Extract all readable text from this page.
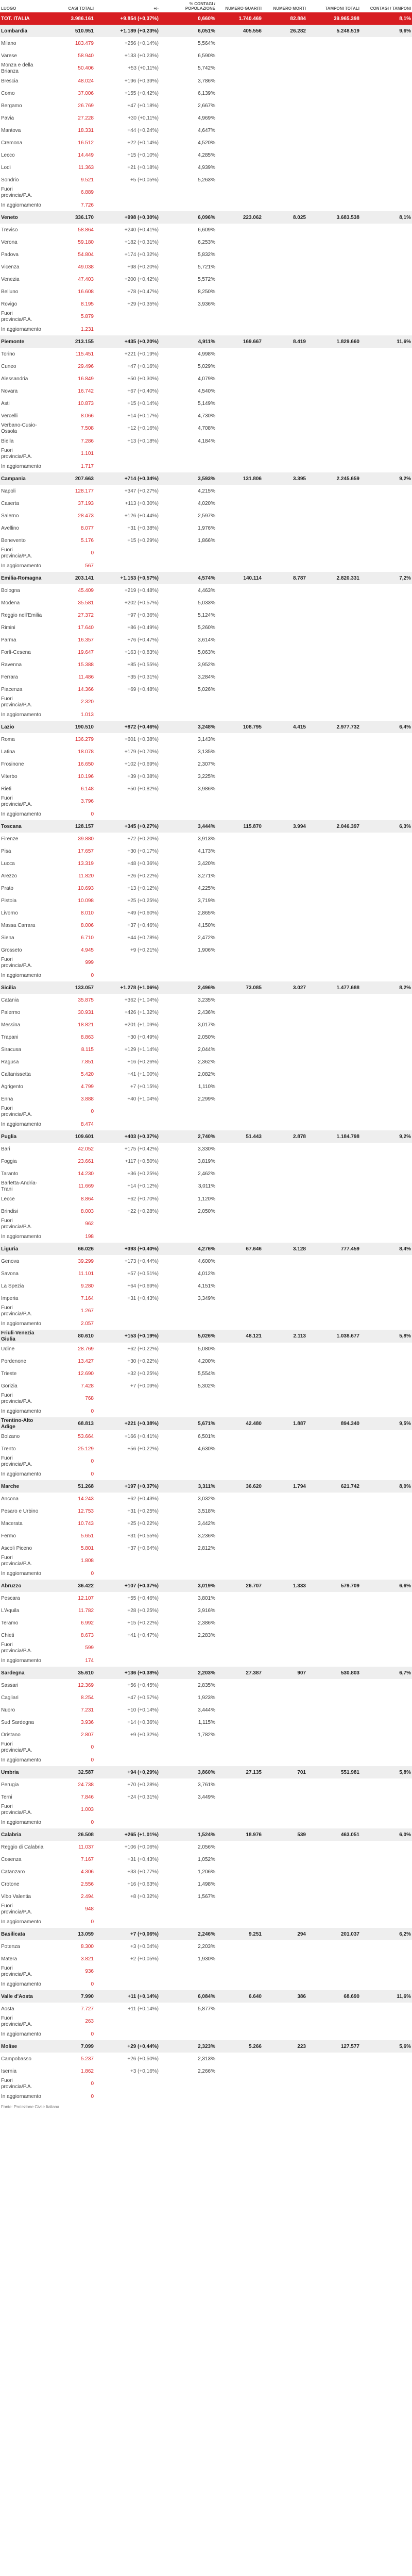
LUOGO	CASI TOTALI	+/-	% CONTAGI / POPOLAZIONE	NUMERO GUARITI	NUMERO MORTI	TAMPONI TOTALI	CONTAGI / TAMPONI
TOT. ITALIA	3.986.161	+9.854 (+0,37%)	0,660%	1.740.469	82.884	39.965.398	8,1%
Lombardia	510.951	+1.189 (+0,23%)	6,051%	405.556	26.282	5.248.519	9,6%
Milano	183.479	+256 (+0,14%)	5,564%				
Varese	58.940	+133 (+0,23%)	6,590%				
Monza e della Brianza	50.406	+53 (+0,11%)	5,742%				
Brescia	48.024	+196 (+0,39%)	3,786%				
Como	37.006	+155 (+0,42%)	6,139%				
Bergamo	26.769	+47 (+0,18%)	2,667%				
Pavia	27.228	+30 (+0,11%)	4,969%				
Mantova	18.331	+44 (+0,24%)	4,647%				
Cremona	16.512	+22 (+0,14%)	4,520%				
Lecco	14.449	+15 (+0,10%)	4,285%				
Lodi	11.363	+21 (+0,18%)	4,939%				
Sondrio	9.521	+5 (+0,05%)	5,263%				
Fuori provincia/P.A.	6.889						
In aggiornamento	7.726						
Veneto	336.170	+998 (+0,30%)	6,096%	223.062	8.025	3.683.538	8,1%
Treviso	58.864	+240 (+0,41%)	6,609%				
Verona	59.180	+182 (+0,31%)	6,253%				
Padova	54.804	+174 (+0,32%)	5,832%				
Vicenza	49.038	+98 (+0,20%)	5,721%				
Venezia	47.403	+200 (+0,42%)	5,572%				
Belluno	16.608	+78 (+0,47%)	8,250%				
Rovigo	8.195	+29 (+0,35%)	3,936%				
Fuori provincia/P.A.	5.879						
In aggiornamento	1.231						
Piemonte	213.155	+435 (+0,20%)	4,911%	169.667	8.419	1.829.660	11,6%
Torino	115.451	+221 (+0,19%)	4,998%				
Cuneo	29.496	+47 (+0,16%)	5,029%				
Alessandria	16.849	+50 (+0,30%)	4,079%				
Novara	16.742	+67 (+0,40%)	4,540%				
Asti	10.873	+15 (+0,14%)	5,149%				
Vercelli	8.066	+14 (+0,17%)	4,730%				
Verbano-Cusio-Ossola	7.508	+12 (+0,16%)	4,708%				
Biella	7.286	+13 (+0,18%)	4,184%				
Fuori provincia/P.A.	1.101						
In aggiornamento	1.717						
Campania	207.663	+714 (+0,34%)	3,593%	131.806	3.395	2.245.659	9,2%
Napoli	128.177	+347 (+0,27%)	4,215%				
Caserta	37.193	+113 (+0,30%)	4,020%				
Salerno	28.473	+126 (+0,44%)	2,597%				
Avellino	8.077	+31 (+0,38%)	1,976%				
Benevento	5.176	+15 (+0,29%)	1,866%				
Fuori provincia/P.A.	0						
In aggiornamento	567						
Emilia-Romagna	203.141	+1.153 (+0,57%)	4,574%	140.114	8.787	2.820.331	7,2%
Bologna	45.409	+219 (+0,48%)	4,463%				
Modena	35.581	+202 (+0,57%)	5,033%				
Reggio nell'Emilia	27.372	+97 (+0,36%)	5,124%				
Rimini	17.640	+86 (+0,49%)	5,260%				
Parma	16.357	+76 (+0,47%)	3,614%				
Forlì-Cesena	19.647	+163 (+0,83%)	5,063%				
Ravenna	15.388	+85 (+0,55%)	3,952%				
Ferrara	11.486	+35 (+0,31%)	3,284%				
Piacenza	14.366	+69 (+0,48%)	5,026%				
Fuori provincia/P.A.	2.320						
In aggiornamento	1.013						
Lazio	190.510	+872 (+0,46%)	3,248%	108.795	4.415	2.977.732	6,4%
Roma	136.279	+601 (+0,38%)	3,143%				
Latina	18.078	+179 (+0,70%)	3,135%				
Frosinone	16.650	+102 (+0,69%)	2,307%				
Viterbo	10.196	+39 (+0,38%)	3,225%				
Rieti	6.148	+50 (+0,82%)	3,986%				
Fuori provincia/P.A.	3.796						
In aggiornamento	0						
Toscana	128.157	+345 (+0,27%)	3,444%	115.870	3.994	2.046.397	6,3%
Firenze	39.880	+72 (+0,20%)	3,913%				
Pisa	17.657	+30 (+0,17%)	4,173%				
Lucca	13.319	+48 (+0,36%)	3,420%				
Arezzo	11.820	+26 (+0,22%)	3,271%				
Prato	10.693	+13 (+0,12%)	4,225%				
Pistoia	10.098	+25 (+0,25%)	3,719%				
Livorno	8.010	+49 (+0,60%)	2,865%				
Massa Carrara	8.006	+37 (+0,46%)	4,150%				
Siena	6.710	+44 (+0,78%)	2,472%				
Grosseto	4.945	+9 (+0,21%)	1,906%				
Fuori provincia/P.A.	999						
In aggiornamento	0						
Sicilia	133.057	+1.278 (+1,06%)	2,496%	73.085	3.027	1.477.688	8,2%
Catania	35.875	+362 (+1,04%)	3,235%				
Palermo	30.931	+426 (+1,32%)	2,436%				
Messina	18.821	+201 (+1,09%)	3,017%				
Trapani	8.863	+30 (+0,49%)	2,050%				
Siracusa	8.115	+129 (+1,14%)	2,044%				
Ragusa	7.851	+16 (+0,26%)	2,362%				
Caltanissetta	5.420	+41 (+1,00%)	2,082%				
Agrigento	4.799	+7 (+0,15%)	1,110%				
Enna	3.888	+40 (+1,04%)	2,299%				
Fuori provincia/P.A.	0						
In aggiornamento	8.474						
Puglia	109.601	+403 (+0,37%)	2,740%	51.443	2.878	1.184.798	9,2%
Bari	42.052	+175 (+0,42%)	3,330%				
Foggia	23.661	+117 (+0,50%)	3,819%				
Taranto	14.230	+36 (+0,25%)	2,462%				
Barletta-Andria-Trani	11.669	+14 (+0,12%)	3,011%				
Lecce	8.864	+62 (+0,70%)	1,120%				
Brindisi	8.003	+22 (+0,28%)	2,050%				
Fuori provincia/P.A.	962						
In aggiornamento	198						
Liguria	66.026	+393 (+0,40%)	4,276%	67.646	3.128	777.459	8,4%
Genova	39.299	+173 (+0,44%)	4,600%				
Savona	11.101	+57 (+0,51%)	4,012%				
La Spezia	9.280	+64 (+0,69%)	4,151%				
Imperia	7.164	+31 (+0,43%)	3,349%				
Fuori provincia/P.A.	1.267						
In aggiornamento	2.057						
Friuli-Venezia Giulia	80.610	+153 (+0,19%)	5,026%	48.121	2.113	1.038.677	5,8%
Udine	28.769	+62 (+0,22%)	5,080%				
Pordenone	13.427	+30 (+0,22%)	4,200%				
Trieste	12.690	+32 (+0,25%)	5,554%				
Gorizia	7.428	+7 (+0,09%)	5,302%				
Fuori provincia/P.A.	768						
In aggiornamento	0						
Trentino-Alto Adige	68.813	+221 (+0,38%)	5,671%	42.480	1.887	894.340	9,5%
Bolzano	53.664	+166 (+0,41%)	6,501%				
Trento	25.129	+56 (+0,22%)	4,630%				
Fuori provincia/P.A.	0						
In aggiornamento	0						
Marche	51.268	+197 (+0,37%)	3,311%	36.620	1.794	621.742	8,0%
Ancona	14.243	+62 (+0,43%)	3,032%				
Pesaro e Urbino	12.753	+31 (+0,25%)	3,518%				
Macerata	10.743	+25 (+0,22%)	3,442%				
Fermo	5.651	+31 (+0,55%)	3,236%				
Ascoli Piceno	5.801	+37 (+0,64%)	2,812%				
Fuori provincia/P.A.	1.808						
In aggiornamento	0						
Abruzzo	36.422	+107 (+0,37%)	3,019%	26.707	1.333	579.709	6,6%
Pescara	12.107	+55 (+0,46%)	3,801%				
L'Aquila	11.782	+28 (+0,25%)	3,916%				
Teramo	6.992	+15 (+0,22%)	2,386%				
Chieti	8.673	+41 (+0,47%)	2,283%				
Fuori provincia/P.A.	599						
In aggiornamento	174						
Sardegna	35.610	+136 (+0,38%)	2,203%	27.387	907	530.803	6,7%
Sassari	12.369	+56 (+0,45%)	2,835%				
Cagliari	8.254	+47 (+0,57%)	1,923%				
Nuoro	7.231	+10 (+0,14%)	3,444%				
Sud Sardegna	3.936	+14 (+0,36%)	1,115%				
Oristano	2.807	+9 (+0,32%)	1,782%				
Fuori provincia/P.A.	0						
In aggiornamento	0						
Umbria	32.587	+94 (+0,29%)	3,860%	27.135	701	551.981	5,8%
Perugia	24.738	+70 (+0,28%)	3,761%				
Terni	7.846	+24 (+0,31%)	3,449%				
Fuori provincia/P.A.	1.003						
In aggiornamento	0						
Calabria	26.508	+265 (+1,01%)	1,524%	18.976	539	463.051	6,0%
Reggio di Calabria	11.037	+106 (+0,06%)	2,056%				
Cosenza	7.167	+31 (+0,43%)	1,052%				
Catanzaro	4.306	+33 (+0,77%)	1,206%				
Crotone	2.556	+16 (+0,63%)	1,498%				
Vibo Valentia	2.494	+8 (+0,32%)	1,567%				
Fuori provincia/P.A.	948						
In aggiornamento	0						
Basilicata	13.059	+7 (+0,06%)	2,246%	9.251	294	201.037	6,2%
Potenza	8.300	+3 (+0,04%)	2,203%				
Matera	3.821	+2 (+0,05%)	1,930%				
Fuori provincia/P.A.	936						
In aggiornamento	0						
Valle d'Aosta	7.990	+11 (+0,14%)	6,084%	6.640	386	68.690	11,6%
Aosta	7.727	+11 (+0,14%)	5,877%				
Fuori provincia/P.A.	263						
In aggiornamento	0						
Molise	7.099	+29 (+0,44%)	2,323%	5.266	223	127.577	5,6%
Campobasso	5.237	+26 (+0,50%)	2,313%				
Isernia	1.862	+3 (+0,16%)	2,266%				
Fuori provincia/P.A.	0						
In aggiornamento	0						
Fonte: Protezione Civile Italiana
